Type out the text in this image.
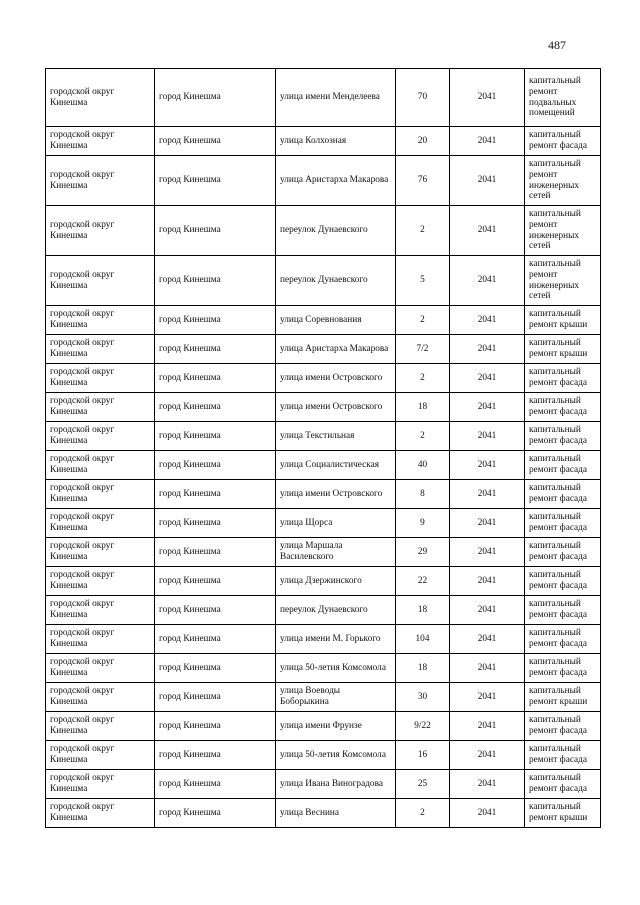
487
городской округ Кинешма	город Кинешма	улица имени Менделеева	70	2041	капитальный ремонт подвальных помещений
городской округ Кинешма	город Кинешма	улица Колхозная	20	2041	капитальный ремонт фасада
городской округ Кинешма	город Кинешма	улица Аристарха Макарова	76	2041	капитальный ремонт инженерных сетей
городской округ Кинешма	город Кинешма	переулок Дунаевского	2	2041	капитальный ремонт инженерных сетей
городской округ Кинешма	город Кинешма	переулок Дунаевского	5	2041	капитальный ремонт инженерных сетей
городской округ Кинешма	город Кинешма	улица Соревнования	2	2041	капитальный ремонт крыши
городской округ Кинешма	город Кинешма	улица Аристарха Макарова	7/2	2041	капитальный ремонт крыши
городской округ Кинешма	город Кинешма	улица имени Островского	2	2041	капитальный ремонт фасада
городской округ Кинешма	город Кинешма	улица имени Островского	18	2041	капитальный ремонт фасада
городской округ Кинешма	город Кинешма	улица Текстильная	2	2041	капитальный ремонт фасада
городской округ Кинешма	город Кинешма	улица Социалистическая	40	2041	капитальный ремонт фасада
городской округ Кинешма	город Кинешма	улица имени Островского	8	2041	капитальный ремонт фасада
городской округ Кинешма	город Кинешма	улица Щорса	9	2041	капитальный ремонт фасада
городской округ Кинешма	город Кинешма	улица Маршала Василевского	29	2041	капитальный ремонт фасада
городской округ Кинешма	город Кинешма	улица Дзержинского	22	2041	капитальный ремонт фасада
городской округ Кинешма	город Кинешма	переулок Дунаевского	18	2041	капитальный ремонт фасада
городской округ Кинешма	город Кинешма	улица имени М. Горького	104	2041	капитальный ремонт фасада
городской округ Кинешма	город Кинешма	улица 50-летия Комсомола	18	2041	капитальный ремонт фасада
городской округ Кинешма	город Кинешма	улица Воеводы Боборыкина	30	2041	капитальный ремонт крыши
городской округ Кинешма	город Кинешма	улица имени Фрунзе	9/22	2041	капитальный ремонт фасада
городской округ Кинешма	город Кинешма	улица 50-летия Комсомола	16	2041	капитальный ремонт фасада
городской округ Кинешма	город Кинешма	улица Ивана Виноградова	25	2041	капитальный ремонт фасада
городской округ Кинешма	город Кинешма	улица Веснина	2	2041	капитальный ремонт крыши
